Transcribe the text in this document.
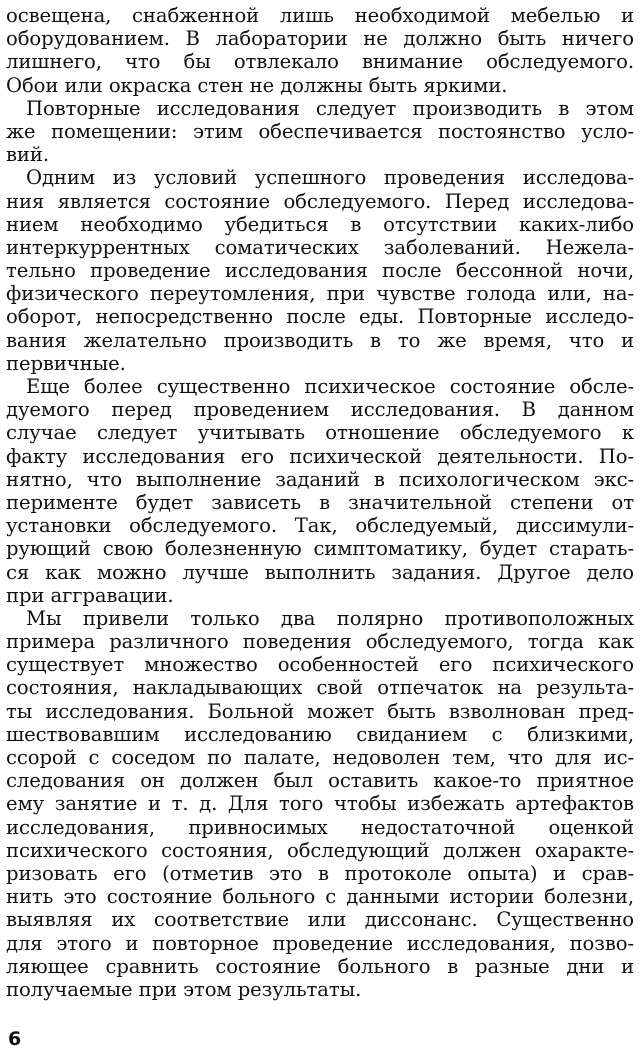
освещена, снабженной лишь необходимой мебелью и
оборудованием. В лаборатории не должно быть ничего
лишнего, что бы отвлекало внимание обследуемого.
Обои или окраска стен не должны быть яркими.
Повторные исследования следует производить в этом
же помещении: этим обеспечивается постоянство усло-
вий.
Одним из условий успешного проведения исследова-
ния является состояние обследуемого. Перед исследова-
нием необходимо убедиться в отсутствии каких-либо
интеркуррентных соматических заболеваний. Нежела-
тельно проведение исследования после бессонной ночи,
физического переутомления, при чувстве голода или, на-
оборот, непосредственно после еды. Повторные исследо-
вания желательно производить в то же время, что и
первичные.
Еще более существенно психическое состояние обсле-
дуемого перед проведением исследования. В данном
случае следует учитывать отношение обследуемого к
факту исследования его психической деятельности. По-
нятно, что выполнение заданий в психологическом экс-
перименте будет зависеть в значительной степени от
установки обследуемого. Так, обследуемый, диссимули-
рующий свою болезненную симптоматику, будет старать-
ся как можно лучше выполнить задания. Другое дело
при аггравации.
Мы привели только два полярно противоположных
примера различного поведения обследуемого, тогда как
существует множество особенностей его психического
состояния, накладывающих свой отпечаток на результа-
ты исследования. Больной может быть взволнован пред-
шествовавшим исследованию свиданием с близкими,
ссорой с соседом по палате, недоволен тем, что для ис-
следования он должен был оставить какое-то приятное
ему занятие и т. д. Для того чтобы избежать артефактов
исследования, привносимых недостаточной оценкой
психического состояния, обследующий должен охаракте-
ризовать его (отметив это в протоколе опыта) и срав-
нить это состояние больного с данными истории болезни,
выявляя их соответствие или диссонанс. Существенно
для этого и повторное проведение исследования, позво-
ляющее сравнить состояние больного в разные дни и
получаемые при этом результаты.
6
